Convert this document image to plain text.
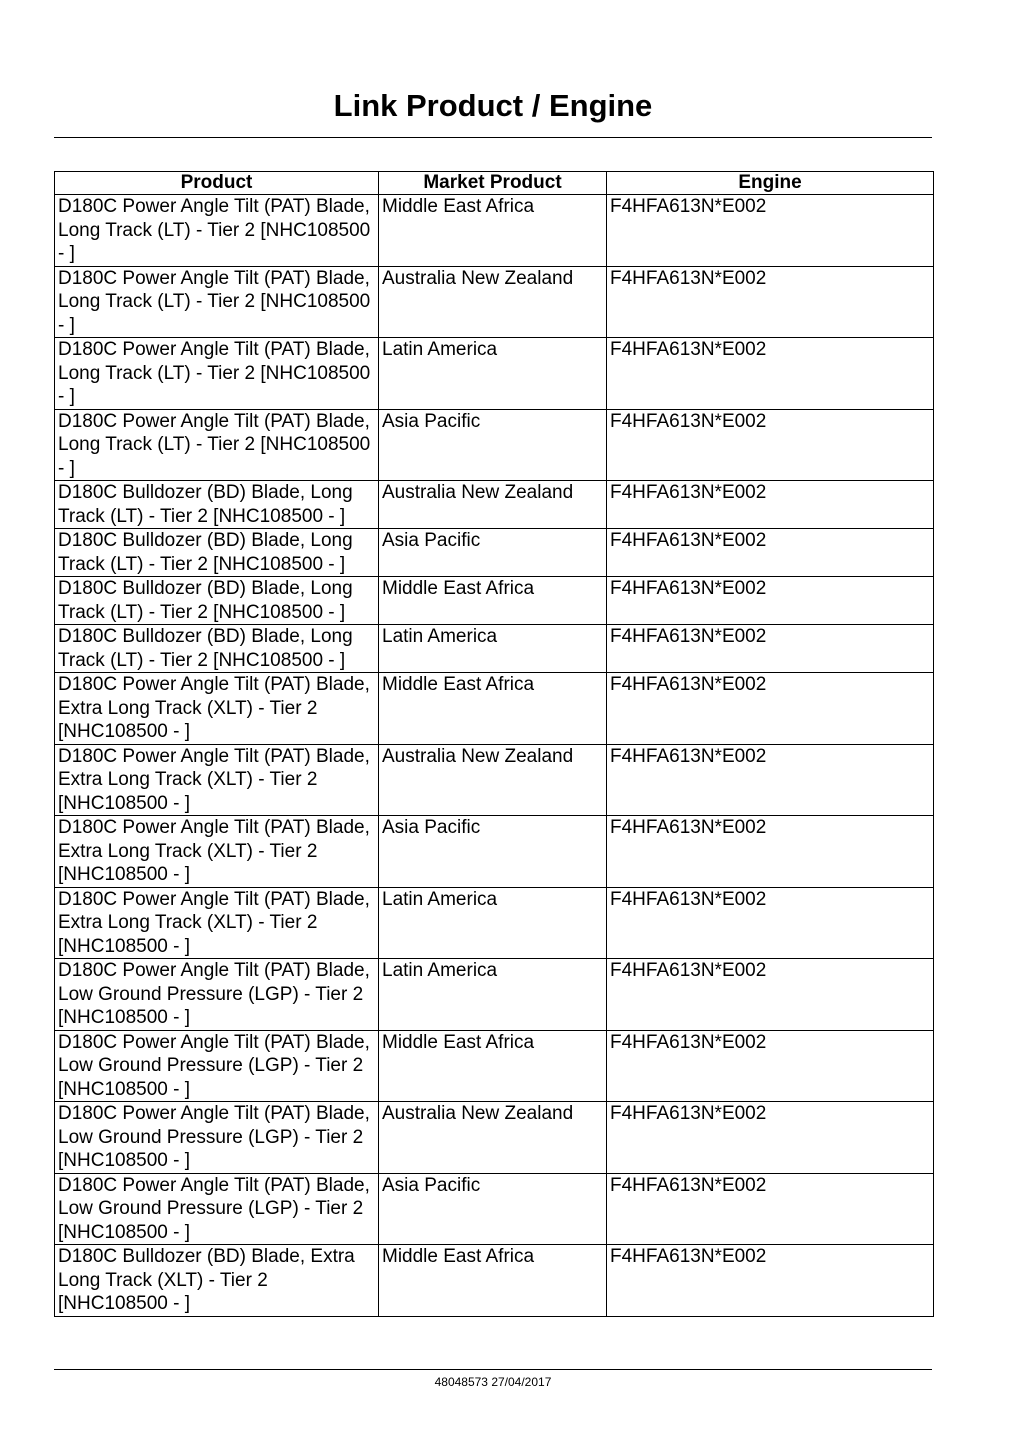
Link Product / Engine
Product	Market Product	Engine
D180C Power Angle Tilt (PAT) Blade, Long Track (LT) - Tier 2 [NHC108500 - ]	Middle East Africa	F4HFA613N*E002
D180C Power Angle Tilt (PAT) Blade, Long Track (LT) - Tier 2 [NHC108500 - ]	Australia New Zealand	F4HFA613N*E002
D180C Power Angle Tilt (PAT) Blade, Long Track (LT) - Tier 2 [NHC108500 - ]	Latin America	F4HFA613N*E002
D180C Power Angle Tilt (PAT) Blade, Long Track (LT) - Tier 2 [NHC108500 - ]	Asia Pacific	F4HFA613N*E002
D180C Bulldozer (BD) Blade, Long Track (LT) - Tier 2 [NHC108500 - ]	Australia New Zealand	F4HFA613N*E002
D180C Bulldozer (BD) Blade, Long Track (LT) - Tier 2 [NHC108500 - ]	Asia Pacific	F4HFA613N*E002
D180C Bulldozer (BD) Blade, Long Track (LT) - Tier 2 [NHC108500 - ]	Middle East Africa	F4HFA613N*E002
D180C Bulldozer (BD) Blade, Long Track (LT) - Tier 2 [NHC108500 - ]	Latin America	F4HFA613N*E002
D180C Power Angle Tilt (PAT) Blade, Extra Long Track (XLT) - Tier 2 [NHC108500 - ]	Middle East Africa	F4HFA613N*E002
D180C Power Angle Tilt (PAT) Blade, Extra Long Track (XLT) - Tier 2 [NHC108500 - ]	Australia New Zealand	F4HFA613N*E002
D180C Power Angle Tilt (PAT) Blade, Extra Long Track (XLT) - Tier 2 [NHC108500 - ]	Asia Pacific	F4HFA613N*E002
D180C Power Angle Tilt (PAT) Blade, Extra Long Track (XLT) - Tier 2 [NHC108500 - ]	Latin America	F4HFA613N*E002
D180C Power Angle Tilt (PAT) Blade, Low Ground Pressure (LGP) - Tier 2 [NHC108500 - ]	Latin America	F4HFA613N*E002
D180C Power Angle Tilt (PAT) Blade, Low Ground Pressure (LGP) - Tier 2 [NHC108500 - ]	Middle East Africa	F4HFA613N*E002
D180C Power Angle Tilt (PAT) Blade, Low Ground Pressure (LGP) - Tier 2 [NHC108500 - ]	Australia New Zealand	F4HFA613N*E002
D180C Power Angle Tilt (PAT) Blade, Low Ground Pressure (LGP) - Tier 2 [NHC108500 - ]	Asia Pacific	F4HFA613N*E002
D180C Bulldozer (BD) Blade, Extra Long Track (XLT) - Tier 2 [NHC108500 - ]	Middle East Africa	F4HFA613N*E002
48048573 27/04/2017
